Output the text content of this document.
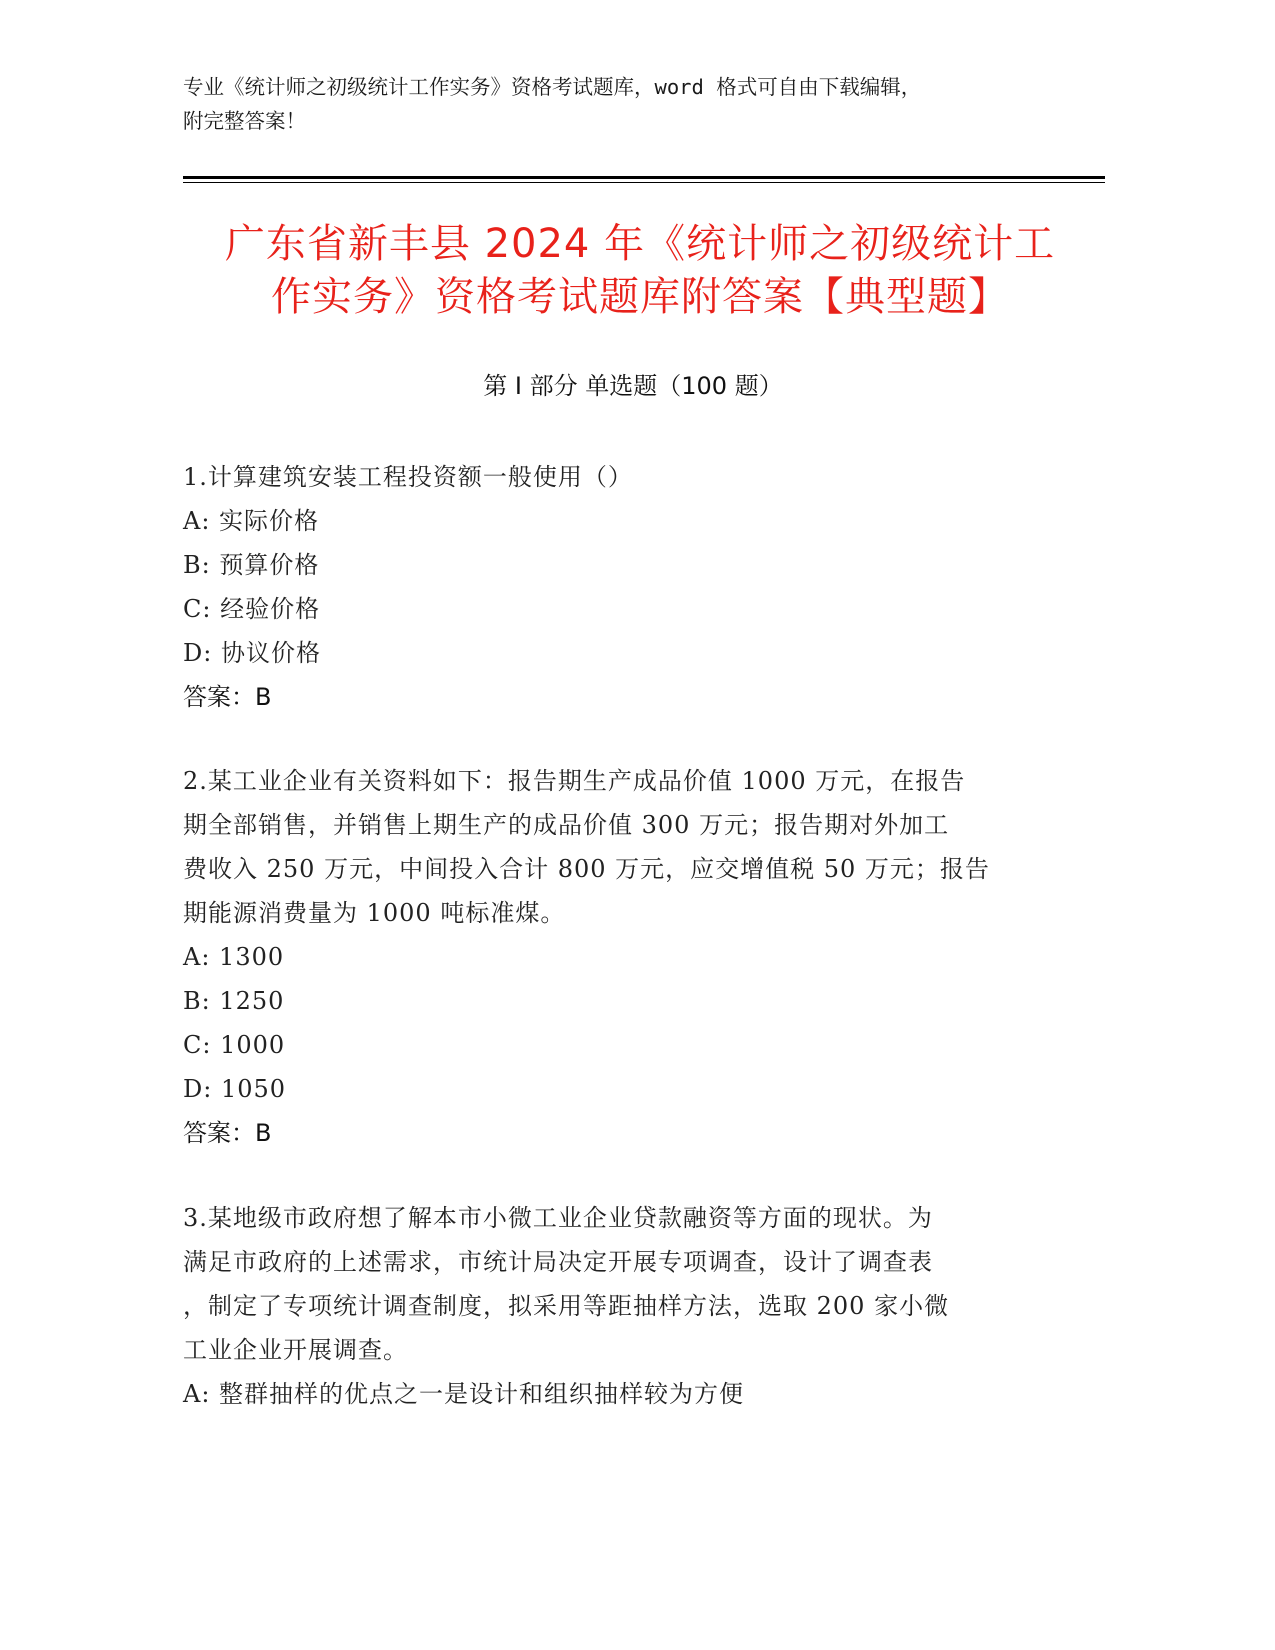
专业《统计师之初级统计工作实务》资格考试题库，word 格式可自由下载编辑，
附完整答案！
广东省新丰县 2024 年《统计师之初级统计工
作实务》资格考试题库附答案【典型题】
第 I 部分 单选题（100 题）

1.计算建筑安装工程投资额一般使用（）

A: 实际价格

B: 预算价格

C: 经验价格

D: 协议价格

答案：B

2.某工业企业有关资料如下：报告期生产成品价值 1000 万元，在报告

期全部销售，并销售上期生产的成品价值 300 万元；报告期对外加工

费收入 250 万元，中间投入合计 800 万元，应交增值税 50 万元；报告

期能源消费量为 1000 吨标准煤。

A: 1300

B: 1250

C: 1000

D: 1050

答案：B

3.某地级市政府想了解本市小微工业企业贷款融资等方面的现状。为

满足市政府的上述需求，市统计局决定开展专项调查，设计了调查表

，制定了专项统计调查制度，拟采用等距抽样方法，选取 200 家小微

工业企业开展调查。

A: 整群抽样的优点之一是设计和组织抽样较为方便
